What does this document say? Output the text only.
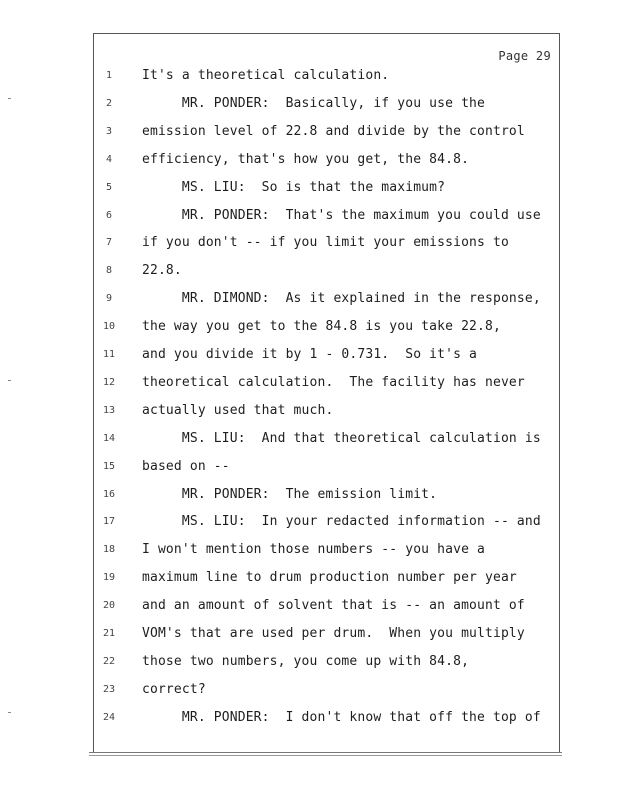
Page 29
1	It's a theoretical calculation.
2	MR. PONDER:  Basically, if you use the
3	emission level of 22.8 and divide by the control
4	efficiency, that's how you get, the 84.8.
5	MS. LIU:  So is that the maximum?
6	MR. PONDER:  That's the maximum you could use
7	if you don't -- if you limit your emissions to
8	22.8.
9	MR. DIMOND:  As it explained in the response,
10	the way you get to the 84.8 is you take 22.8,
11	and you divide it by 1 - 0.731.  So it's a
12	theoretical calculation.  The facility has never
13	actually used that much.
14	MS. LIU:  And that theoretical calculation is
15	based on --
16	MR. PONDER:  The emission limit.
17	MS. LIU:  In your redacted information -- and
18	I won't mention those numbers -- you have a
19	maximum line to drum production number per year
20	and an amount of solvent that is -- an amount of
21	VOM's that are used per drum.  When you multiply
22	those two numbers, you come up with 84.8,
23	correct?
24	MR. PONDER:  I don't know that off the top of
